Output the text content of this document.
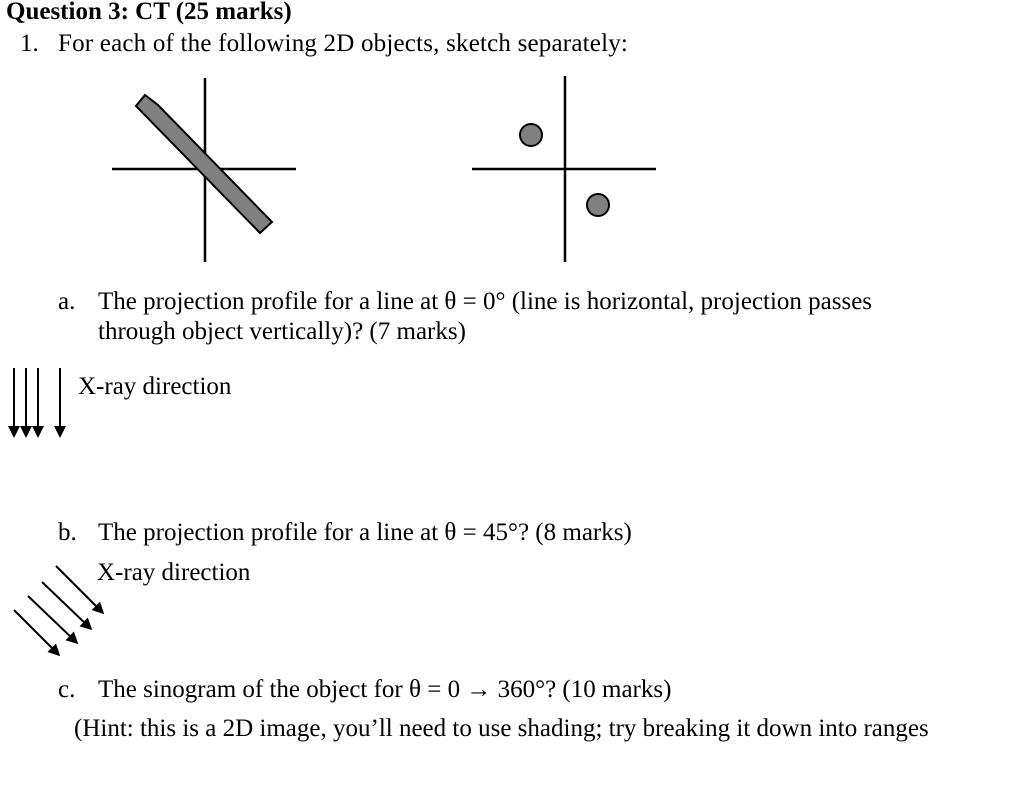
Question 3: CT (25 marks)
1. For each of the following 2D objects, sketch separately:
a. The projection profile for a line at θ = 0° (line is horizontal, projection passes
through object vertically)? (7 marks)
X-ray direction
b. The projection profile for a line at θ = 45°? (8 marks)
X-ray direction
c. The sinogram of the object for θ = 0 → 360°? (10 marks)
(Hint: this is a 2D image, you’ll need to use shading; try breaking it down into ranges
